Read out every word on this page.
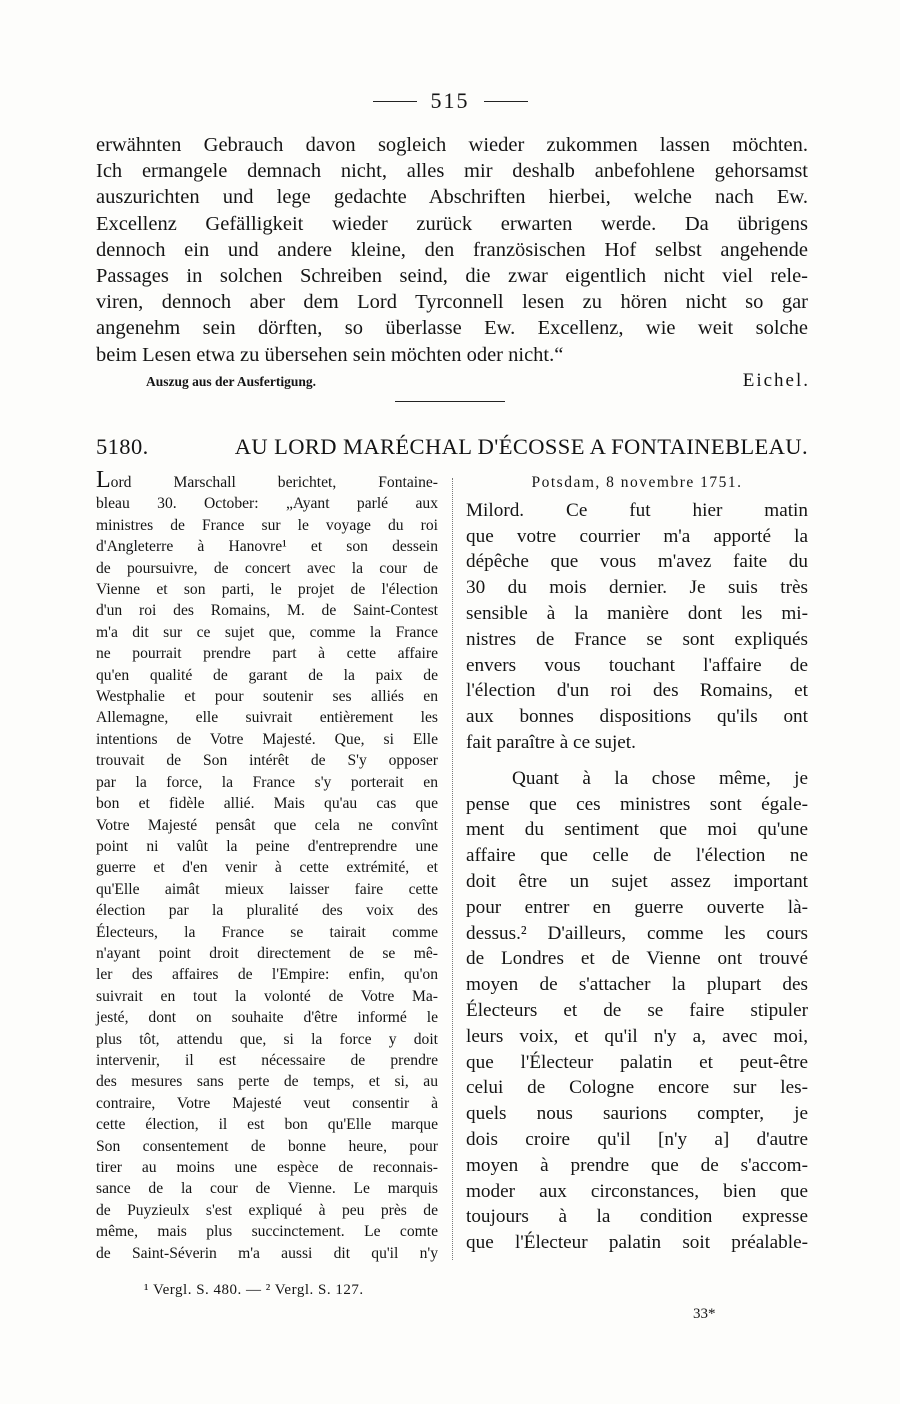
515
erwähnten Gebrauch davon sogleich wieder zukommen lassen möchten.
Ich ermangele demnach nicht, alles mir deshalb anbefohlene gehorsamst
auszurichten und lege gedachte Abschriften hierbei, welche nach Ew.
Excellenz Gefälligkeit wieder zurück erwarten werde. Da übrigens
dennoch ein und andere kleine, den französischen Hof selbst angehende
Passages in solchen Schreiben seind, die zwar eigentlich nicht viel rele-
viren, dennoch aber dem Lord Tyrconnell lesen zu hören nicht so gar
angenehm sein dörften, so überlasse Ew. Excellenz, wie weit solche
beim Lesen etwa zu übersehen sein möchten oder nicht.“
Auszug aus der Ausfertigung.	Eichel.
5180.	AU LORD MARÉCHAL D'ÉCOSSE A FONTAINEBLEAU.
Lord Marschall berichtet, Fontaine-
bleau 30. October: „Ayant parlé aux
ministres de France sur le voyage du roi
d'Angleterre à Hanovre¹ et son dessein
de poursuivre, de concert avec la cour de
Vienne et son parti, le projet de l'élection
d'un roi des Romains, M. de Saint-Contest
m'a dit sur ce sujet que, comme la France
ne pourrait prendre part à cette affaire
qu'en qualité de garant de la paix de
Westphalie et pour soutenir ses alliés en
Allemagne, elle suivrait entièrement les
intentions de Votre Majesté. Que, si Elle
trouvait de Son intérêt de S'y opposer
par la force, la France s'y porterait en
bon et fidèle allié. Mais qu'au cas que
Votre Majesté pensât que cela ne convînt
point ni valût la peine d'entreprendre une
guerre et d'en venir à cette extrémité, et
qu'Elle aimât mieux laisser faire cette
élection par la pluralité des voix des
Électeurs, la France se tairait comme
n'ayant point droit directement de se mê-
ler des affaires de l'Empire: enfin, qu'on
suivrait en tout la volonté de Votre Ma-
jesté, dont on souhaite d'être informé le
plus tôt, attendu que, si la force y doit
intervenir, il est nécessaire de prendre
des mesures sans perte de temps, et si, au
contraire, Votre Majesté veut consentir à
cette élection, il est bon qu'Elle marque
Son consentement de bonne heure, pour
tirer au moins une espèce de reconnais-
sance de la cour de Vienne. Le marquis
de Puyzieulx s'est expliqué à peu près de
même, mais plus succinctement. Le comte
de Saint-Séverin m'a aussi dit qu'il n'y
Potsdam, 8 novembre 1751.
Milord. Ce fut hier matin
que votre courrier m'a apporté la
dépêche que vous m'avez faite du
30 du mois dernier. Je suis très
sensible à la manière dont les mi-
nistres de France se sont expliqués
envers vous touchant l'affaire de
l'élection d'un roi des Romains, et
aux bonnes dispositions qu'ils ont
fait paraître à ce sujet.
Quant à la chose même, je
pense que ces ministres sont égale-
ment du sentiment que moi qu'une
affaire que celle de l'élection ne
doit être un sujet assez important
pour entrer en guerre ouverte là-
dessus.² D'ailleurs, comme les cours
de Londres et de Vienne ont trouvé
moyen de s'attacher la plupart des
Électeurs et de se faire stipuler
leurs voix, et qu'il n'y a, avec moi,
que l'Électeur palatin et peut-être
celui de Cologne encore sur les-
quels nous saurions compter, je
dois croire qu'il [n'y a] d'autre
moyen à prendre que de s'accom-
moder aux circonstances, bien que
toujours à la condition expresse
que l'Électeur palatin soit préalable-
¹ Vergl. S. 480. — ² Vergl. S. 127.
33*
